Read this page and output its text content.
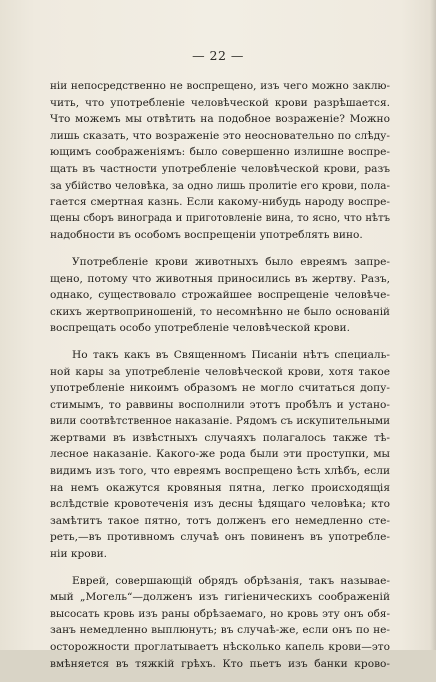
— 22 —
нiи непосредственно не воспрещено, изъ чего можно заклю-
чить, что употребленiе человѣческой крови разрѣшается.
Что можемъ мы отвѣтить на подобное возраженiе? Можно
лишь сказать, что возраженiе это неосновательно по слѣду-
ющимъ соображенiямъ: было совершенно излишне воспре-
щать въ частности употребленiе человѣческой крови, разъ
за убiйство человѣка, за одно лишь пролитiе его крови, пола-
гается смертная казнь. Если какому-нибудь народу воспре-
щены сборъ винограда и приготовленiе вина, то ясно, что нѣтъ
надобности въ особомъ воспрещенiи употреблять вино.
Употребленiе крови животныхъ было евреямъ запре-
щено, потому что животныя приносились въ жертву. Разъ,
однако, существовало строжайшее воспрещенiе человѣче-
скихъ жертвоприношенiй, то несомнѣнно не было основанiй
воспрещать особо употребленiе человѣческой крови.
Но такъ какъ въ Священномъ Писанiи нѣтъ специаль-
ной кары за употребленiе человѣческой крови, хотя такое
употребленiе никоимъ образомъ не могло считаться допу-
стимымъ, то раввины восполнили этотъ пробѣлъ и устано-
вили соотвѣтственное наказанiе. Рядомъ съ искупительными
жертвами въ извѣстныхъ случаяхъ полагалось также тѣ-
лесное наказанiе. Какого-же рода были эти проступки, мы
видимъ изъ того, что евреямъ воспрещено ѣсть хлѣбъ, если
на немъ окажутся кровяныя пятна, легко происходящiя
вслѣдствiе кровотеченiя изъ десны ѣдящаго человѣка; кто
замѣтитъ такое пятно, тотъ долженъ его немедленно сте-
реть,—въ противномъ случаѣ онъ повиненъ въ употребле-
нiи крови.
Еврей, совершающiй обрядъ обрѣзанiя, такъ называе-
мый „Могель“—долженъ изъ гигiеническихъ соображенiй
высосать кровь изъ раны обрѣзаемаго, но кровь эту онъ обя-
занъ немедленно выплюнуть; въ случаѣ-же, если онъ по не-
осторожности проглатываетъ нѣсколько капель крови—это
вмѣняется въ тяжкiй грѣхъ. Кто пьетъ изъ банки крово-
